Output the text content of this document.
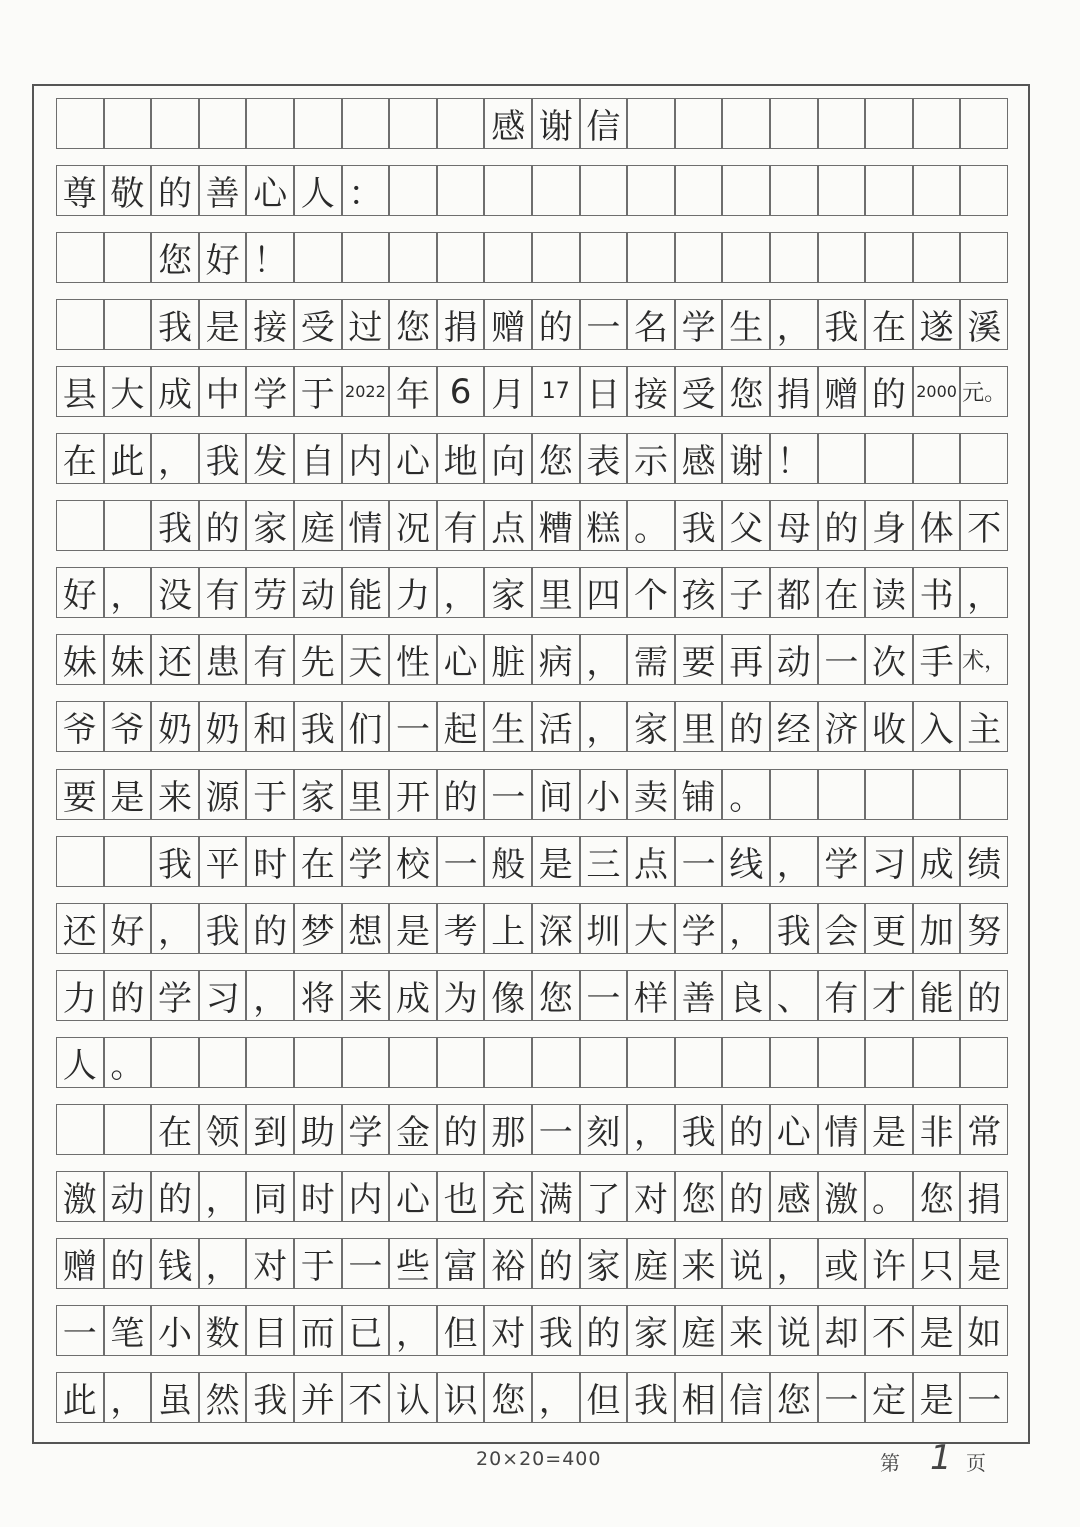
感 谢 信
尊 敬 的 善 心 人 ：
您 好 ！
我 是 接 受 过 您 捐 赠 的 一 名 学 生 ， 我 在 遂 溪
县 大 成 中 学 于 2022 年 6 月 17 日 接 受 您 捐 赠 的 2000 元。
在 此 ， 我 发 自 内 心 地 向 您 表 示 感 谢 ！
我 的 家 庭 情 况 有 点 糟 糕 。 我 父 母 的 身 体 不
好 ， 没 有 劳 动 能 力 ， 家 里 四 个 孩 子 都 在 读 书 ，
妹 妹 还 患 有 先 天 性 心 脏 病 ， 需 要 再 动 一 次 手 术，
爷 爷 奶 奶 和 我 们 一 起 生 活 ， 家 里 的 经 济 收 入 主
要 是 来 源 于 家 里 开 的 一 间 小 卖 铺 。
我 平 时 在 学 校 一 般 是 三 点 一 线 ， 学 习 成 绩
还 好 ， 我 的 梦 想 是 考 上 深 圳 大 学 ， 我 会 更 加 努
力 的 学 习 ， 将 来 成 为 像 您 一 样 善 良 、 有 才 能 的
人 。
在 领 到 助 学 金 的 那 一 刻 ， 我 的 心 情 是 非 常
激 动 的 ， 同 时 内 心 也 充 满 了 对 您 的 感 激 。 您 捐
赠 的 钱 ， 对 于 一 些 富 裕 的 家 庭 来 说 ， 或 许 只 是
一 笔 小 数 目 而 已 ， 但 对 我 的 家 庭 来 说 却 不 是 如
此 ， 虽 然 我 并 不 认 识 您 ， 但 我 相 信 您 一 定 是 一
20×20=400	第 1 页
